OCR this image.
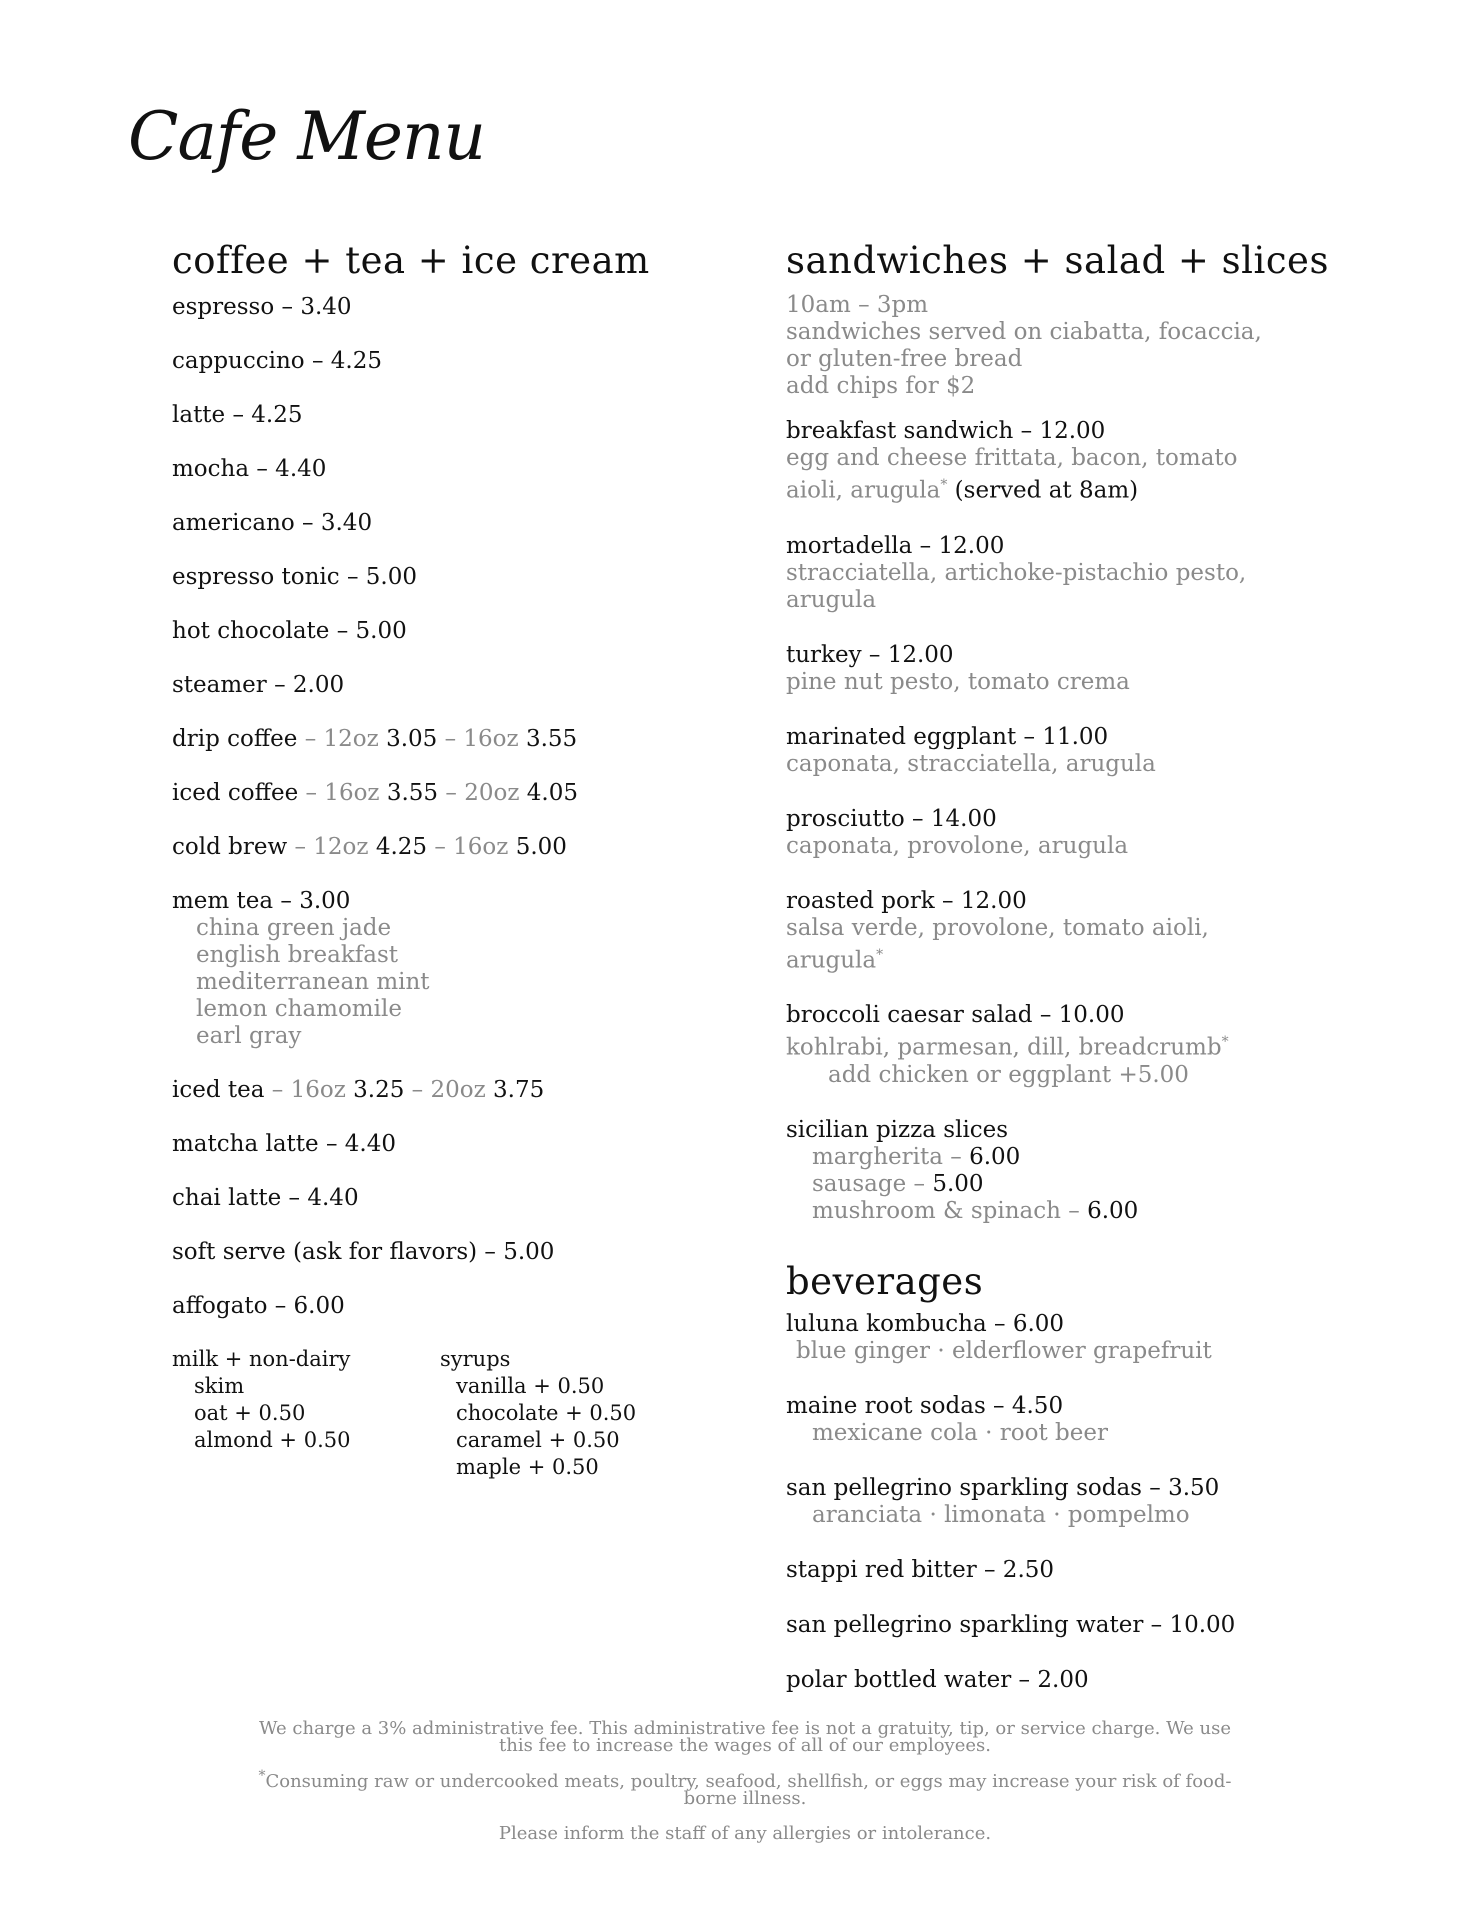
Cafe Menu
coffee + tea + ice cream
espresso – 3.40
cappuccino – 4.25
latte – 4.25
mocha – 4.40
americano – 3.40
espresso tonic – 5.00
hot chocolate – 5.00
steamer – 2.00
drip coffee – 12oz 3.05 – 16oz 3.55
iced coffee – 16oz 3.55 – 20oz 4.05
cold brew – 12oz 4.25 – 16oz 5.00
mem tea – 3.00
china green jade
english breakfast
mediterranean mint
lemon chamomile
earl gray
iced tea – 16oz 3.25 – 20oz 3.75
matcha latte – 4.40
chai latte – 4.40
soft serve (ask for flavors) – 5.00
affogato – 6.00
milk + non-dairy
skim
oat + 0.50
almond + 0.50
syrups
vanilla + 0.50
chocolate + 0.50
caramel + 0.50
maple + 0.50
sandwiches + salad + slices
10am – 3pm
sandwiches served on ciabatta, focaccia,
or gluten-free bread
add chips for $2
breakfast sandwich – 12.00
egg and cheese frittata, bacon, tomato
aioli, arugula* (served at 8am)
mortadella – 12.00
stracciatella, artichoke-pistachio pesto,
arugula
turkey – 12.00
pine nut pesto, tomato crema
marinated eggplant – 11.00
caponata, stracciatella, arugula
prosciutto – 14.00
caponata, provolone, arugula
roasted pork – 12.00
salsa verde, provolone, tomato aioli,
arugula*
broccoli caesar salad – 10.00
kohlrabi, parmesan, dill, breadcrumb*
add chicken or eggplant +5.00
sicilian pizza slices
margherita – 6.00
sausage – 5.00
mushroom & spinach – 6.00
beverages
luluna kombucha – 6.00
blue ginger · elderflower grapefruit
maine root sodas – 4.50
mexicane cola · root beer
san pellegrino sparkling sodas – 3.50
aranciata · limonata · pompelmo
stappi red bitter – 2.50
san pellegrino sparkling water – 10.00
polar bottled water – 2.00

We charge a 3% administrative fee. This administrative fee is not a gratuity, tip, or service charge. We use
this fee to increase the wages of all of our employees.

*Consuming raw or undercooked meats, poultry, seafood, shellfish, or eggs may increase your risk of food-
borne illness.

Please inform the staff of any allergies or intolerance.
